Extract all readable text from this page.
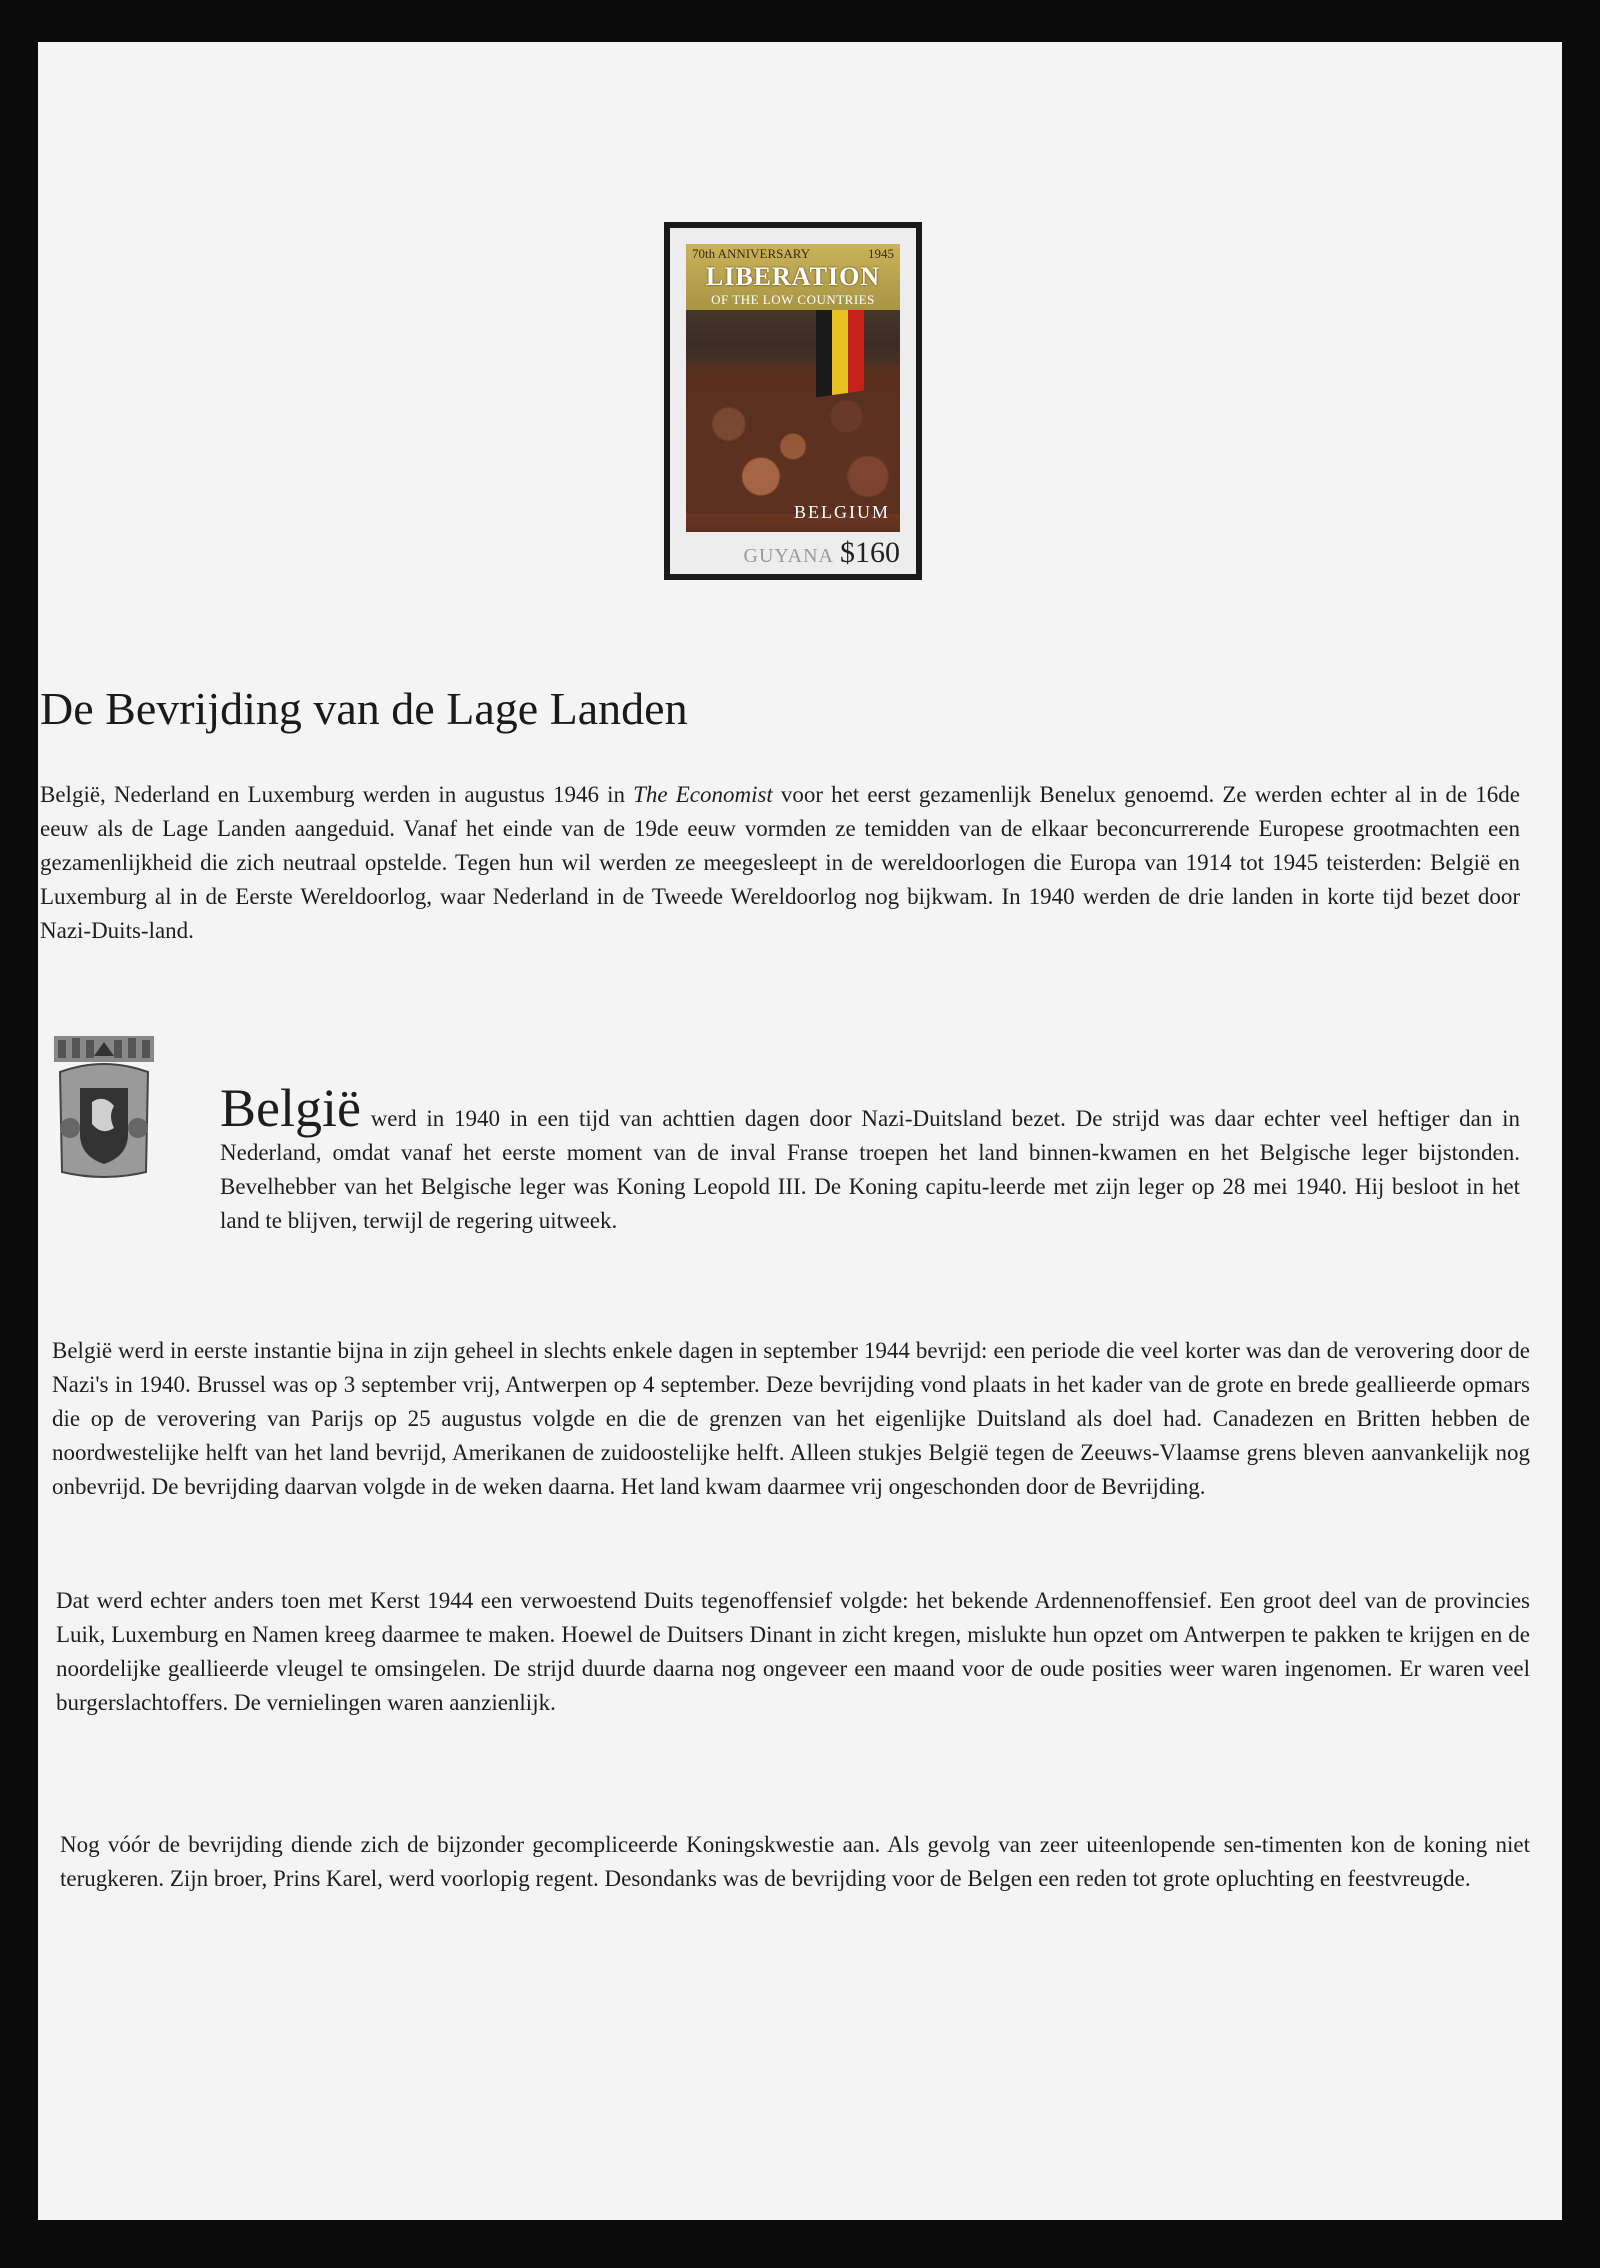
70th ANNIVERSARY	1945
LIBERATION
OF THE LOW COUNTRIES
BELGIUM
GUYANA $160
De Bevrijding van de Lage Landen

België, Nederland en Luxemburg werden in augustus 1946 in The Economist voor het eerst gezamenlijk Benelux genoemd. Ze werden echter al in de 16de eeuw als de Lage Landen aangeduid. Vanaf het einde van de 19de eeuw vormden ze temidden van de elkaar beconcurrerende Europese grootmachten een gezamenlijkheid die zich neutraal opstelde. Tegen hun wil werden ze meegesleept in de wereldoorlogen die Europa van 1914 tot 1945 teisterden: België en Luxemburg al in de Eerste Wereldoorlog, waar Nederland in de Tweede Wereldoorlog nog bijkwam. In 1940 werden de drie landen in korte tijd bezet door Nazi-Duits-land.

België werd in 1940 in een tijd van achttien dagen door Nazi-Duitsland bezet. De strijd was daar echter veel heftiger dan in Nederland, omdat vanaf het eerste moment van de inval Franse troepen het land binnen-kwamen en het Belgische leger bijstonden. Bevelhebber van het Belgische leger was Koning Leopold III. De Koning capitu-leerde met zijn leger op 28 mei 1940. Hij besloot in het land te blijven, terwijl de regering uitweek.

België werd in eerste instantie bijna in zijn geheel in slechts enkele dagen in september 1944 bevrijd: een periode die veel korter was dan de verovering door de Nazi's in 1940. Brussel was op 3 september vrij, Antwerpen op 4 september. Deze bevrijding vond plaats in het kader van de grote en brede geallieerde opmars die op de verovering van Parijs op 25 augustus volgde en die de grenzen van het eigenlijke Duitsland als doel had. Canadezen en Britten hebben de noordwestelijke helft van het land bevrijd, Amerikanen de zuidoostelijke helft. Alleen stukjes België tegen de Zeeuws-Vlaamse grens bleven aanvankelijk nog onbevrijd. De bevrijding daarvan volgde in de weken daarna. Het land kwam daarmee vrij ongeschonden door de Bevrijding.

Dat werd echter anders toen met Kerst 1944 een verwoestend Duits tegenoffensief volgde: het bekende Ardennenoffensief. Een groot deel van de provincies Luik, Luxemburg en Namen kreeg daarmee te maken. Hoewel de Duitsers Dinant in zicht kregen, mislukte hun opzet om Antwerpen te pakken te krijgen en de noordelijke geallieerde vleugel te omsingelen. De strijd duurde daarna nog ongeveer een maand voor de oude posities weer waren ingenomen. Er waren veel burgerslachtoffers. De vernielingen waren aanzienlijk.

Nog vóór de bevrijding diende zich de bijzonder gecompliceerde Koningskwestie aan. Als gevolg van zeer uiteenlopende sen-timenten kon de koning niet terugkeren. Zijn broer, Prins Karel, werd voorlopig regent. Desondanks was de bevrijding voor de Belgen een reden tot grote opluchting en feestvreugde.
